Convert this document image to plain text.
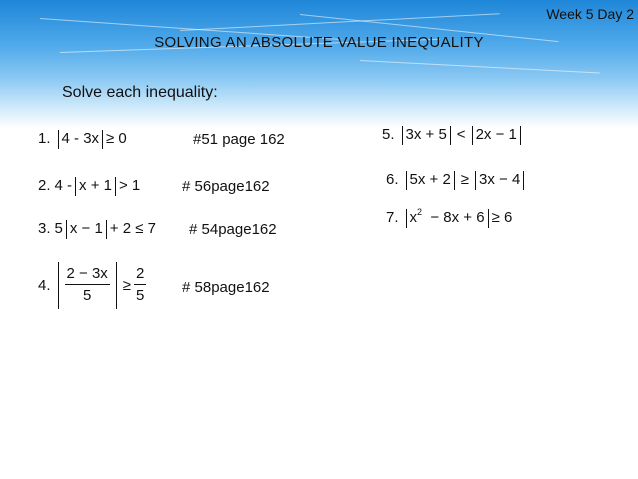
Week 5 Day 2
SOLVING AN ABSOLUTE VALUE INEQUALITY
Solve each inequality:
1. 4 - 3x ≥ 0	#51 page 162
2. 4 - x + 1 > 1	# 56page162
3. 5 x − 1 + 2 ≤ 7 # 54page162
4. $\frac{2 - 3x}{5} \ge \frac{2}{5}$ # 58page162
5. 3x + 5 < 2x − 1
6. 5x + 2 ≥ 3x − 4
7. $x^2 - 8x + 6 \ge 6$
